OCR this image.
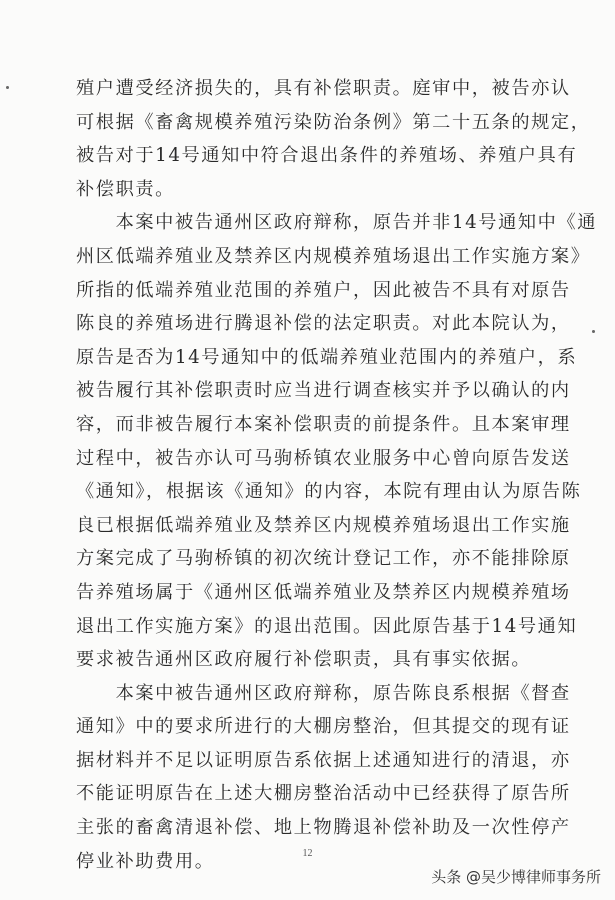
殖户遭受经济损失的，具有补偿职责。庭审中，被告亦认
可根据《畜禽规模养殖污染防治条例》第二十五条的规定，
被告对于14号通知中符合退出条件的养殖场、养殖户具有
补偿职责。
　　本案中被告通州区政府辩称，原告并非14号通知中《通
州区低端养殖业及禁养区内规模养殖场退出工作实施方案》
所指的低端养殖业范围的养殖户，因此被告不具有对原告
陈良的养殖场进行腾退补偿的法定职责。对此本院认为，
原告是否为14号通知中的低端养殖业范围内的养殖户，系
被告履行其补偿职责时应当进行调查核实并予以确认的内
容，而非被告履行本案补偿职责的前提条件。且本案审理
过程中，被告亦认可马驹桥镇农业服务中心曾向原告发送
《通知》，根据该《通知》的内容，本院有理由认为原告陈
良已根据低端养殖业及禁养区内规模养殖场退出工作实施
方案完成了马驹桥镇的初次统计登记工作，亦不能排除原
告养殖场属于《通州区低端养殖业及禁养区内规模养殖场
退出工作实施方案》的退出范围。因此原告基于14号通知
要求被告通州区政府履行补偿职责，具有事实依据。
　　本案中被告通州区政府辩称，原告陈良系根据《督查
通知》中的要求所进行的大棚房整治，但其提交的现有证
据材料并不足以证明原告系依据上述通知进行的清退，亦
不能证明原告在上述大棚房整治活动中已经获得了原告所
主张的畜禽清退补偿、地上物腾退补偿补助及一次性停产
停业补助费用。	12
头条 @吴少博律师事务所
